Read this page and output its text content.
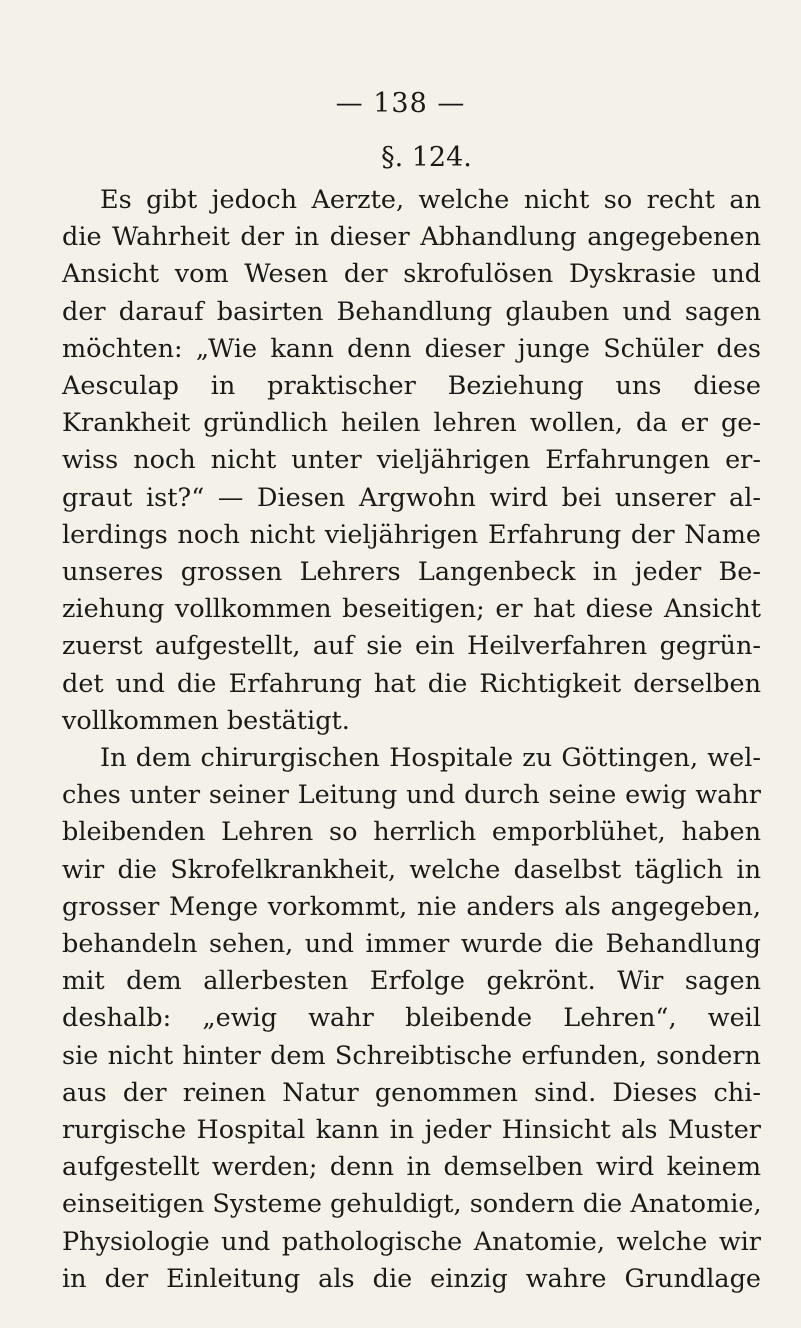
— 138 —
§. 124.

Es gibt jedoch Aerzte, welche nicht so recht an
die Wahrheit der in dieser Abhandlung angegebenen
Ansicht vom Wesen der skrofulösen Dyskrasie und
der darauf basirten Behandlung glauben und sagen
möchten: „Wie kann denn dieser junge Schüler des
Aesculap in praktischer Beziehung uns diese
Krankheit gründlich heilen lehren wollen, da er ge-
wiss noch nicht unter vieljährigen Erfahrungen er-
graut ist?“ — Diesen Argwohn wird bei unserer al-
lerdings noch nicht vieljährigen Erfahrung der Name
unseres grossen Lehrers Langenbeck in jeder Be-
ziehung vollkommen beseitigen; er hat diese Ansicht
zuerst aufgestellt, auf sie ein Heilverfahren gegrün-
det und die Erfahrung hat die Richtigkeit derselben
vollkommen bestätigt.

In dem chirurgischen Hospitale zu Göttingen, wel-
ches unter seiner Leitung und durch seine ewig wahr
bleibenden Lehren so herrlich emporblühet, haben
wir die Skrofelkrankheit, welche daselbst täglich in
grosser Menge vorkommt, nie anders als angegeben,
behandeln sehen, und immer wurde die Behandlung
mit dem allerbesten Erfolge gekrönt. Wir sagen
deshalb: „ewig wahr bleibende Lehren“, weil
sie nicht hinter dem Schreibtische erfunden, sondern
aus der reinen Natur genommen sind. Dieses chi-
rurgische Hospital kann in jeder Hinsicht als Muster
aufgestellt werden; denn in demselben wird keinem
einseitigen Systeme gehuldigt, sondern die Anatomie,
Physiologie und pathologische Anatomie, welche wir
in der Einleitung als die einzig wahre Grundlage
